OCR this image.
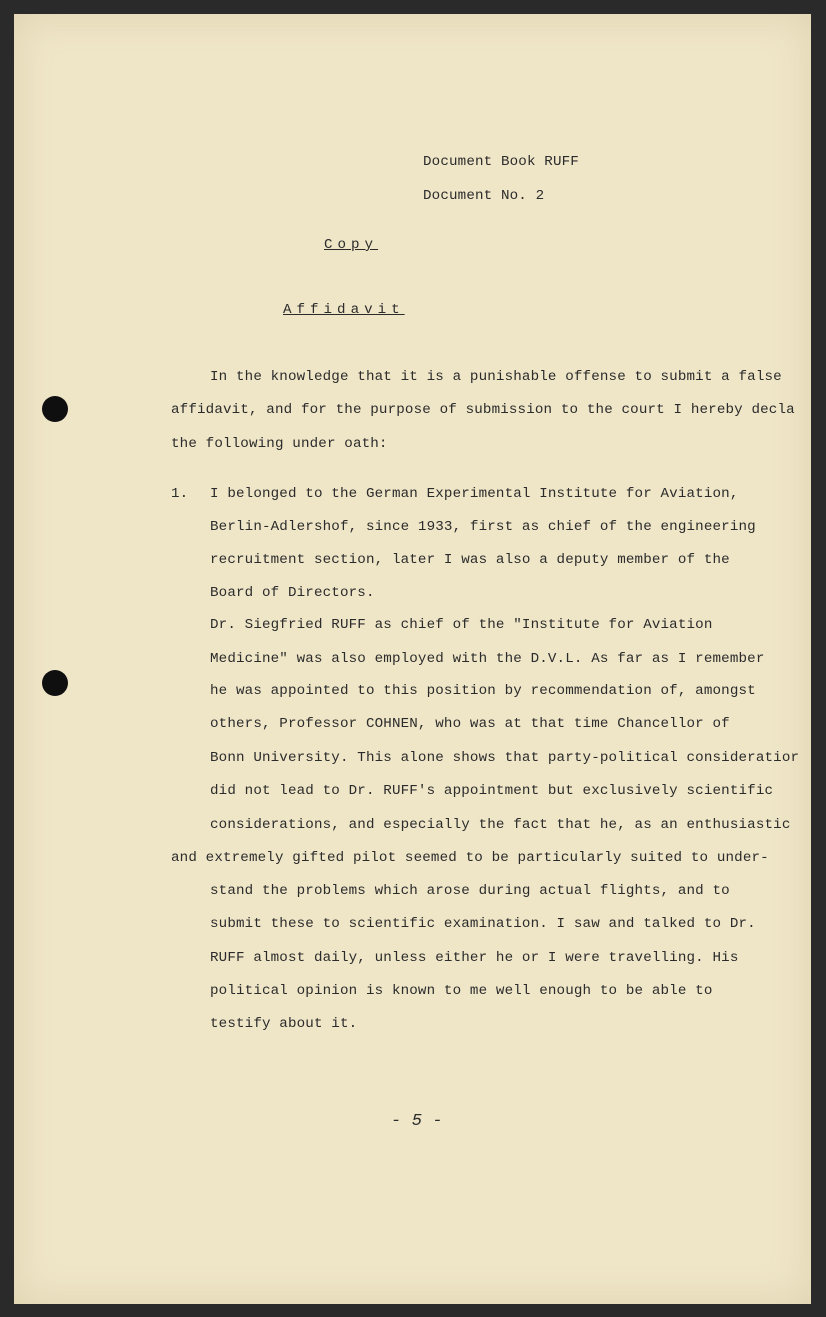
Document Book RUFF
Document No. 2
Copy
Affidavit
In the knowledge that it is a punishable offense to submit a false
affidavit, and for the purpose of submission to the court I hereby decla
the following under oath:
1. I belonged to the German Experimental Institute for Aviation,
Berlin-Adlershof, since 1933, first as chief of the engineering
recruitment section, later I was also a deputy member of the
Board of Directors.
Dr. Siegfried RUFF as chief of the "Institute for Aviation
Medicine" was also employed with the D.V.L. As far as I remember
he was appointed to this position by recommendation of, amongst
others, Professor COHNEN, who was at that time Chancellor of
Bonn University. This alone shows that party-political consideratior
did not lead to Dr. RUFF's appointment but exclusively scientific
considerations, and especially the fact that he, as an enthusiastic
and extremely gifted pilot seemed to be particularly suited to under-
stand the problems which arose during actual flights, and to
submit these to scientific examination. I saw and talked to Dr.
RUFF almost daily, unless either he or I were travelling. His
political opinion is known to me well enough to be able to
testify about it.
- 5 -
